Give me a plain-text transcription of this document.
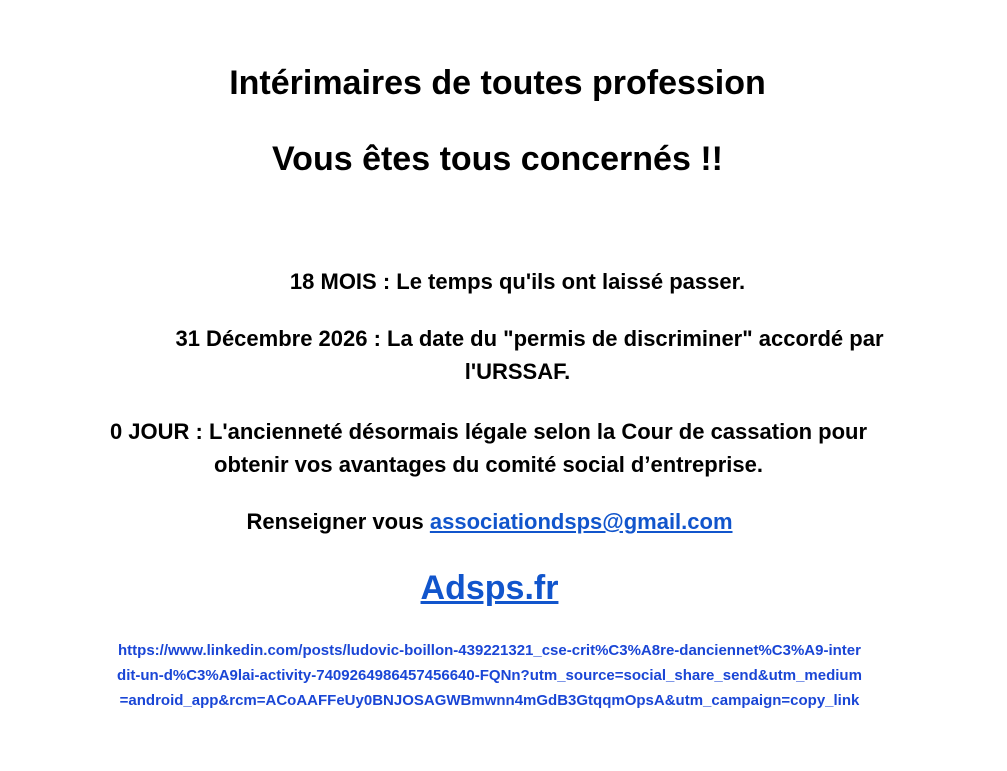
Intérimaires de toutes profession
Vous êtes tous concernés !!

18 MOIS : Le temps qu'ils ont laissé passer.

31 Décembre 2026 : La date du "permis de discriminer" accordé par

l'URSSAF.

0 JOUR : L'ancienneté désormais légale selon la Cour de cassation pour

obtenir vos avantages du comité social d’entreprise.

Renseigner vous associationdsps@gmail.com

Adsps.fr

https://www.linkedin.com/posts/ludovic-boillon-439221321_cse-crit%C3%A8re-danciennet%C3%A9-inter
dit-un-d%C3%A9lai-activity-7409264986457456640-FQNn?utm_source=social_share_send&utm_medium
=android_app&rcm=ACoAAFFeUy0BNJOSAGWBmwnn4mGdB3GtqqmOpsA&utm_campaign=copy_link
